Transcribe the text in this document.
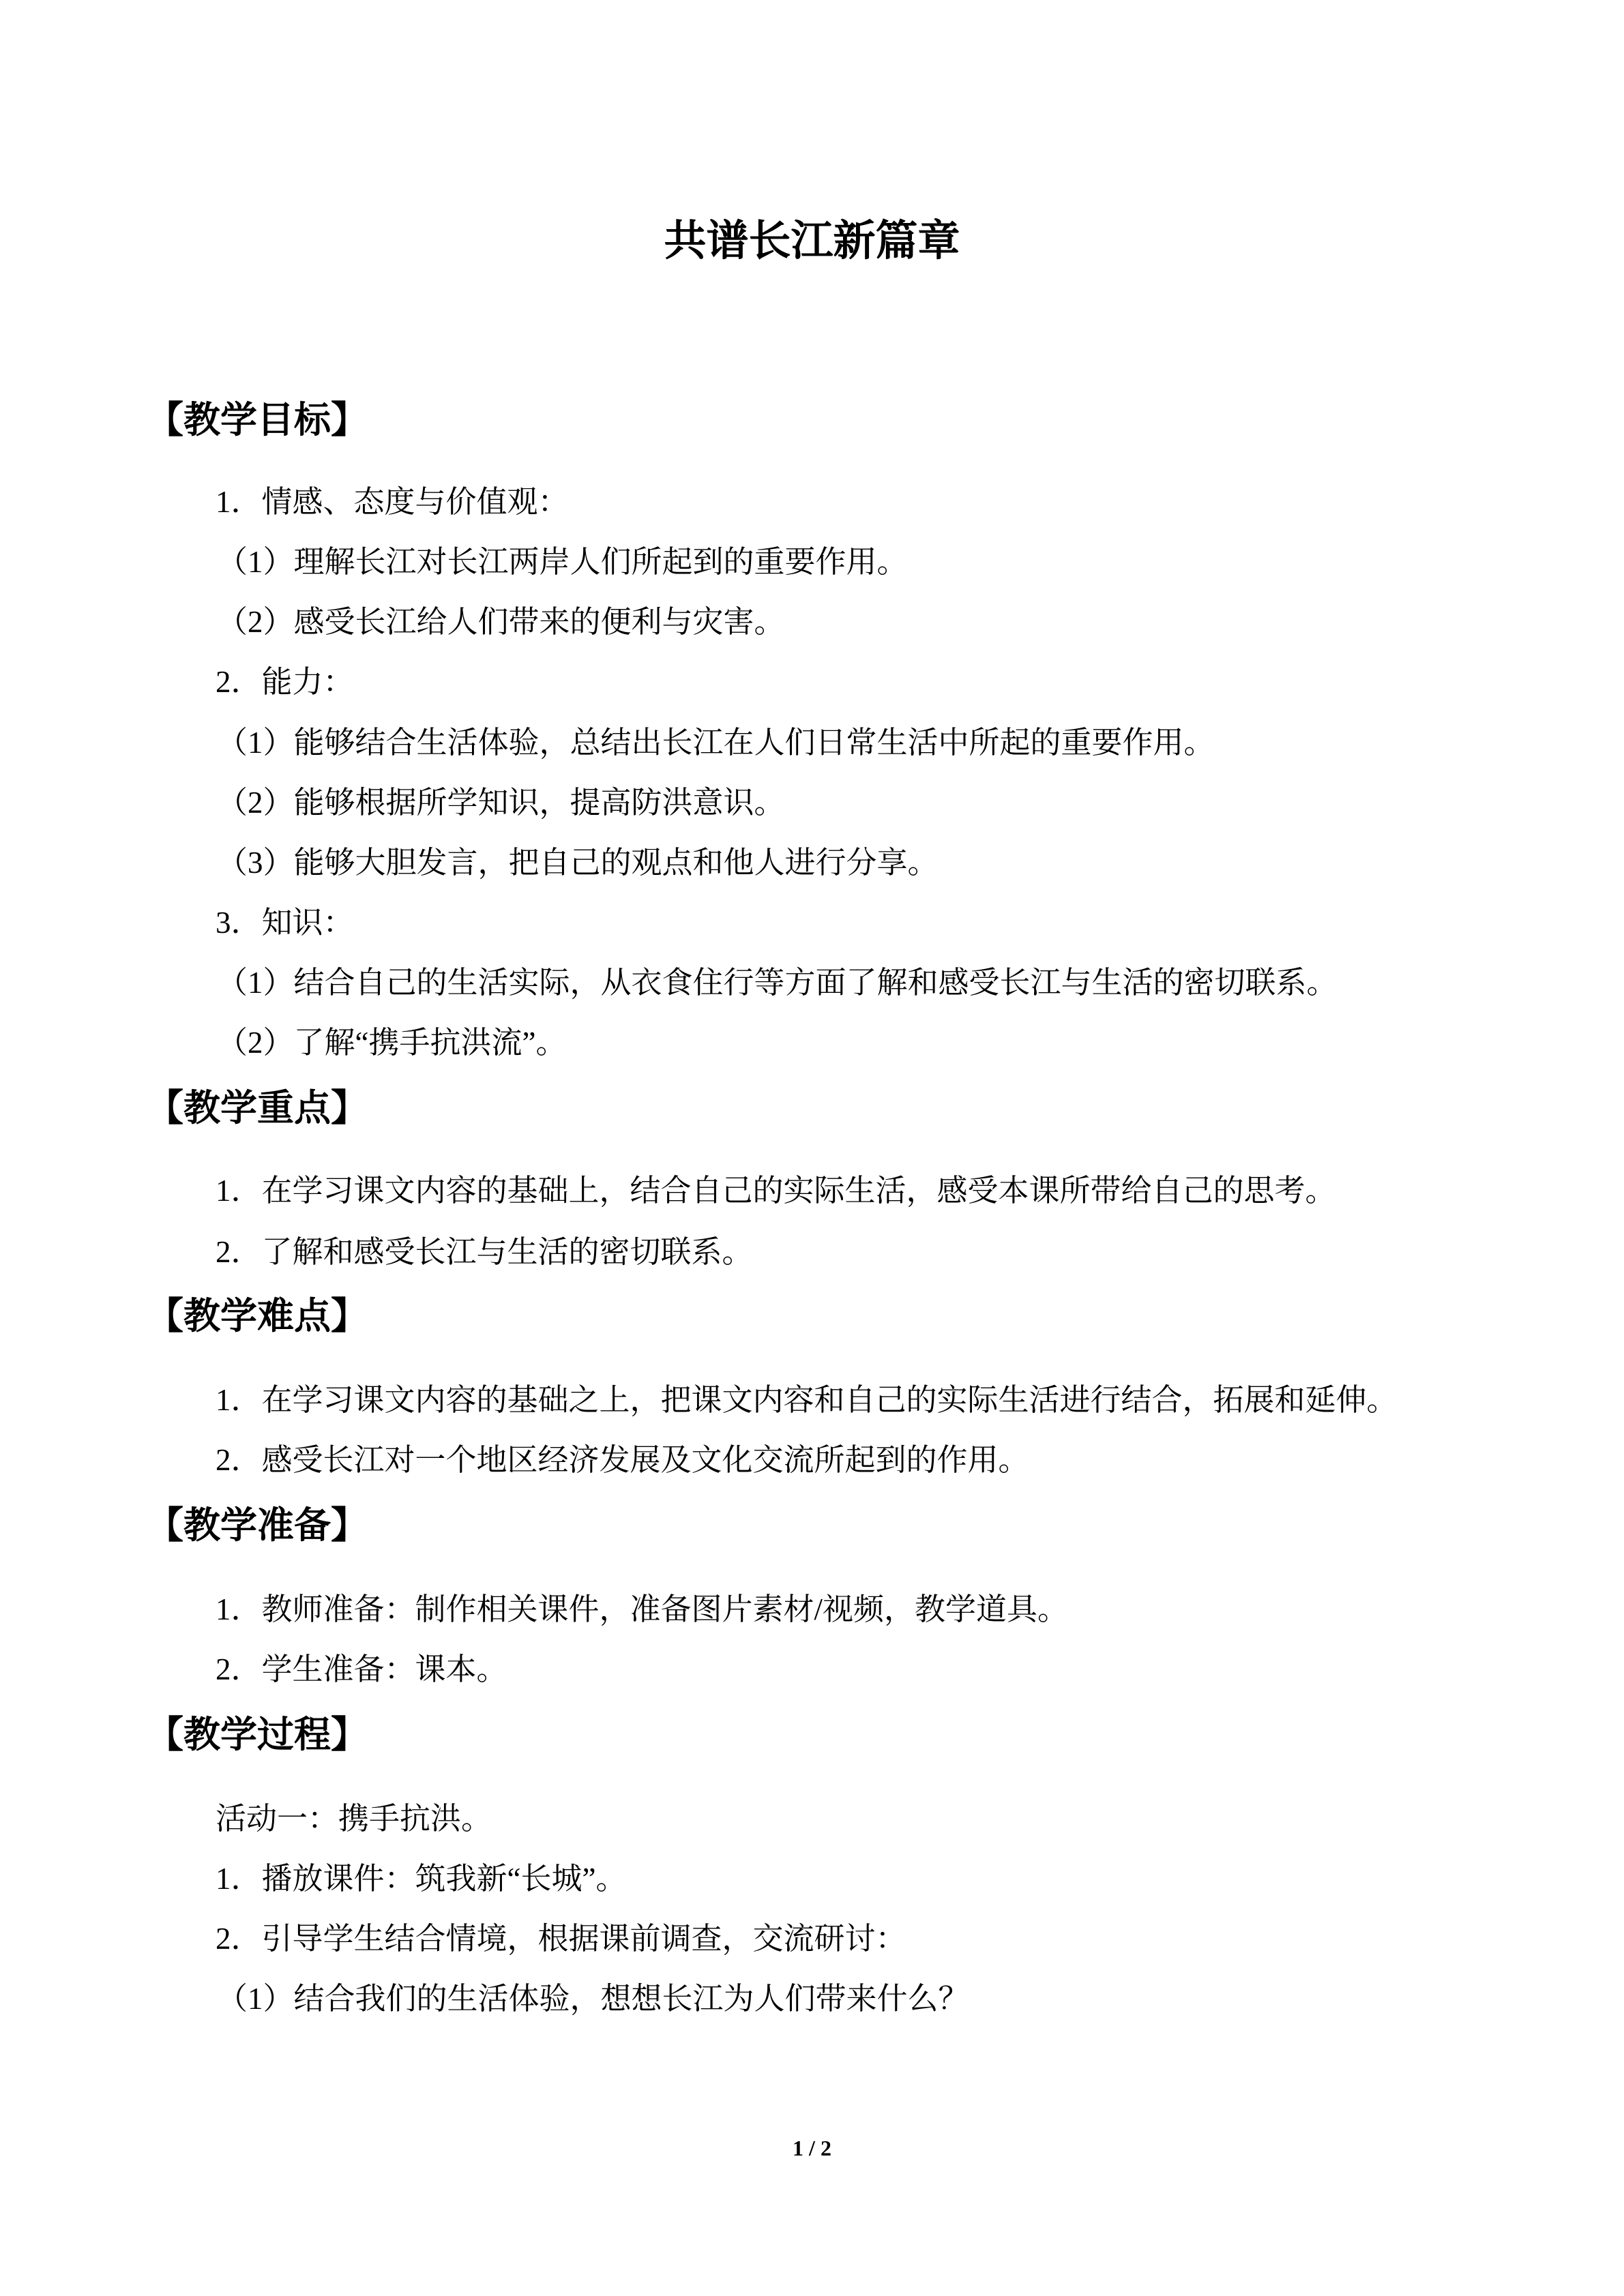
共谱长江新篇章
【教学目标】
1．情感、态度与价值观：
（1）理解长江对长江两岸人们所起到的重要作用。
（2）感受长江给人们带来的便利与灾害。
2．能力：
（1）能够结合生活体验，总结出长江在人们日常生活中所起的重要作用。
（2）能够根据所学知识，提高防洪意识。
（3）能够大胆发言，把自己的观点和他人进行分享。
3．知识：
（1）结合自己的生活实际，从衣食住行等方面了解和感受长江与生活的密切联系。
（2）了解“携手抗洪流”。
【教学重点】
1．在学习课文内容的基础上，结合自己的实际生活，感受本课所带给自己的思考。
2．了解和感受长江与生活的密切联系。
【教学难点】
1．在学习课文内容的基础之上，把课文内容和自己的实际生活进行结合，拓展和延伸。
2．感受长江对一个地区经济发展及文化交流所起到的作用。
【教学准备】
1．教师准备：制作相关课件，准备图片素材/视频，教学道具。
2．学生准备：课本。
【教学过程】
活动一：携手抗洪。
1．播放课件：筑我新“长城”。
2．引导学生结合情境，根据课前调查，交流研讨：
（1）结合我们的生活体验，想想长江为人们带来什么？
1 / 2
